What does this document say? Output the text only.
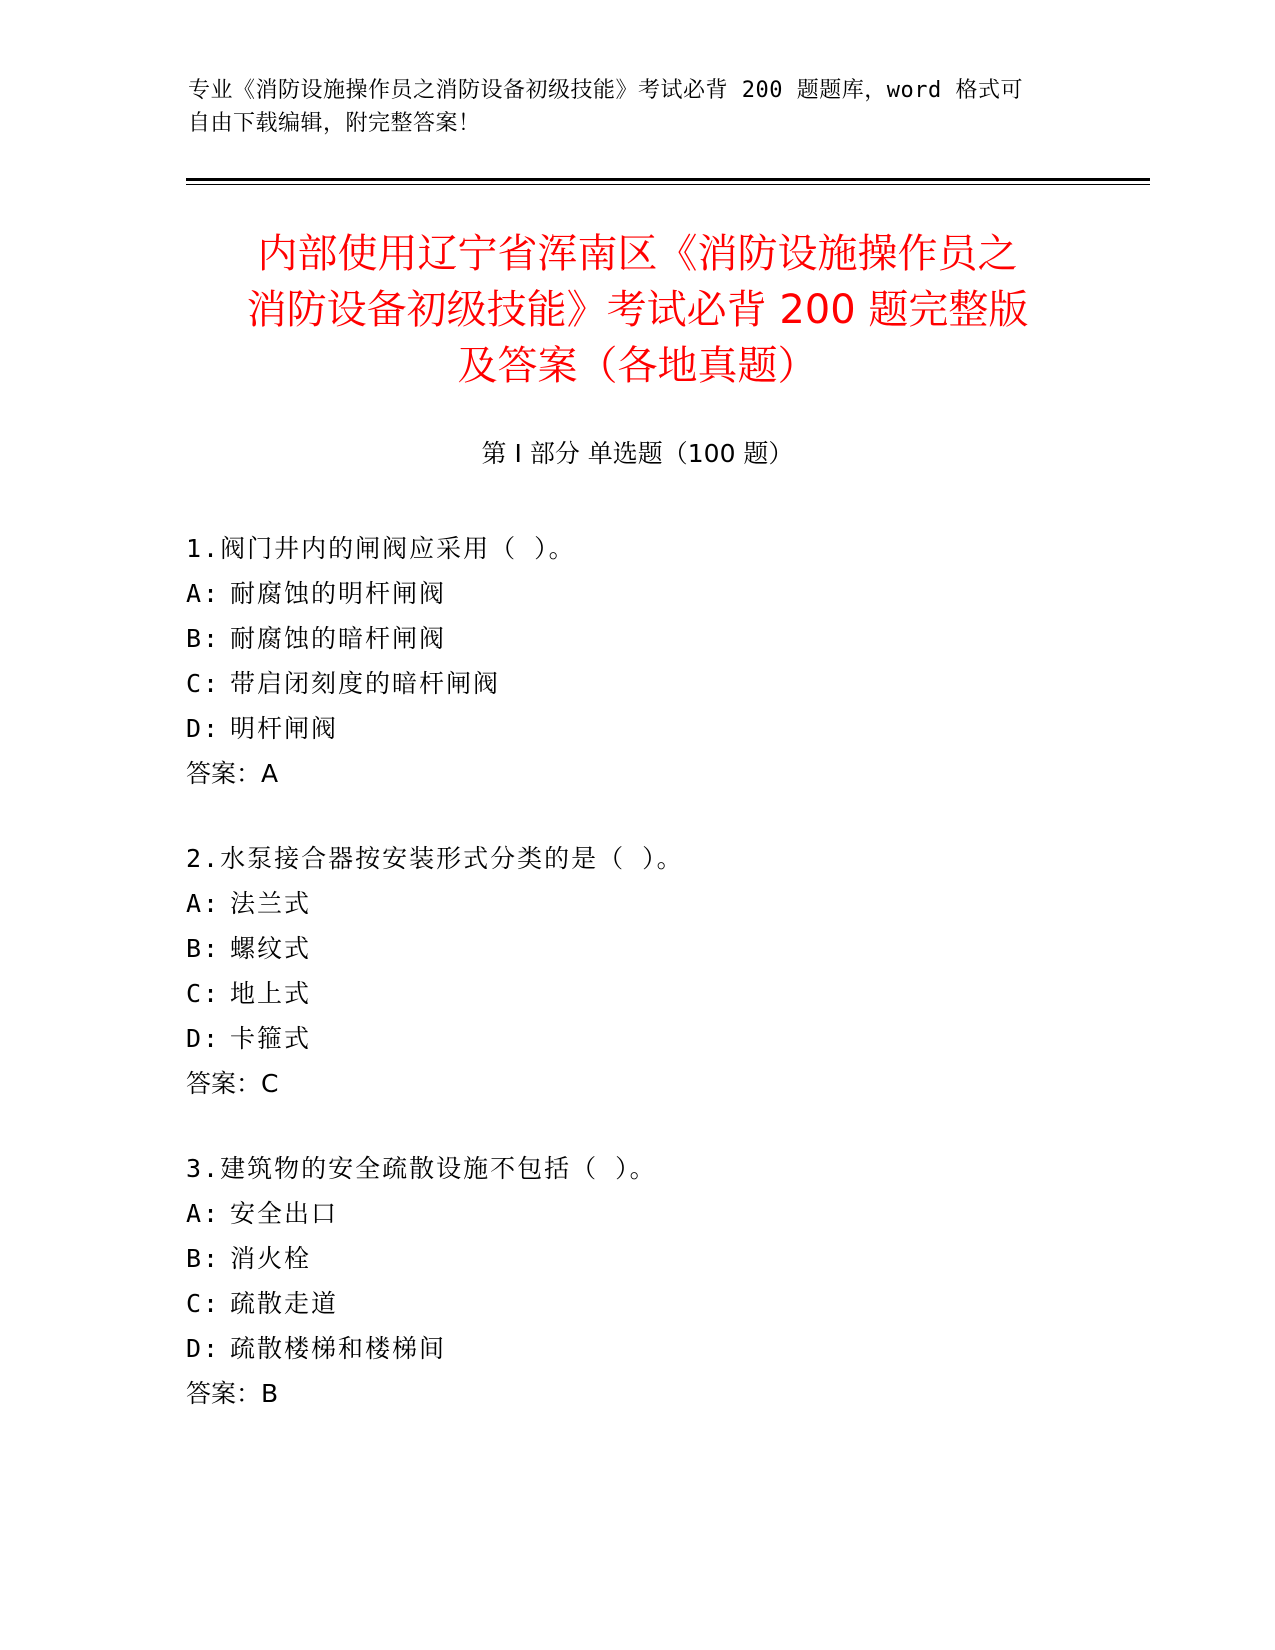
专业《消防设施操作员之消防设备初级技能》考试必背 200 题题库，word 格式可
自由下载编辑，附完整答案！
内部使用辽宁省浑南区《消防设施操作员之
消防设备初级技能》考试必背 200 题完整版
及答案（各地真题）
第 I 部分 单选题（100 题）
1.阀门井内的闸阀应采用（ ）。
A: 耐腐蚀的明杆闸阀
B: 耐腐蚀的暗杆闸阀
C: 带启闭刻度的暗杆闸阀
D: 明杆闸阀
答案：A
2.水泵接合器按安装形式分类的是（ ）。
A: 法兰式
B: 螺纹式
C: 地上式
D: 卡箍式
答案：C
3.建筑物的安全疏散设施不包括（ ）。
A: 安全出口
B: 消火栓
C: 疏散走道
D: 疏散楼梯和楼梯间
答案：B
